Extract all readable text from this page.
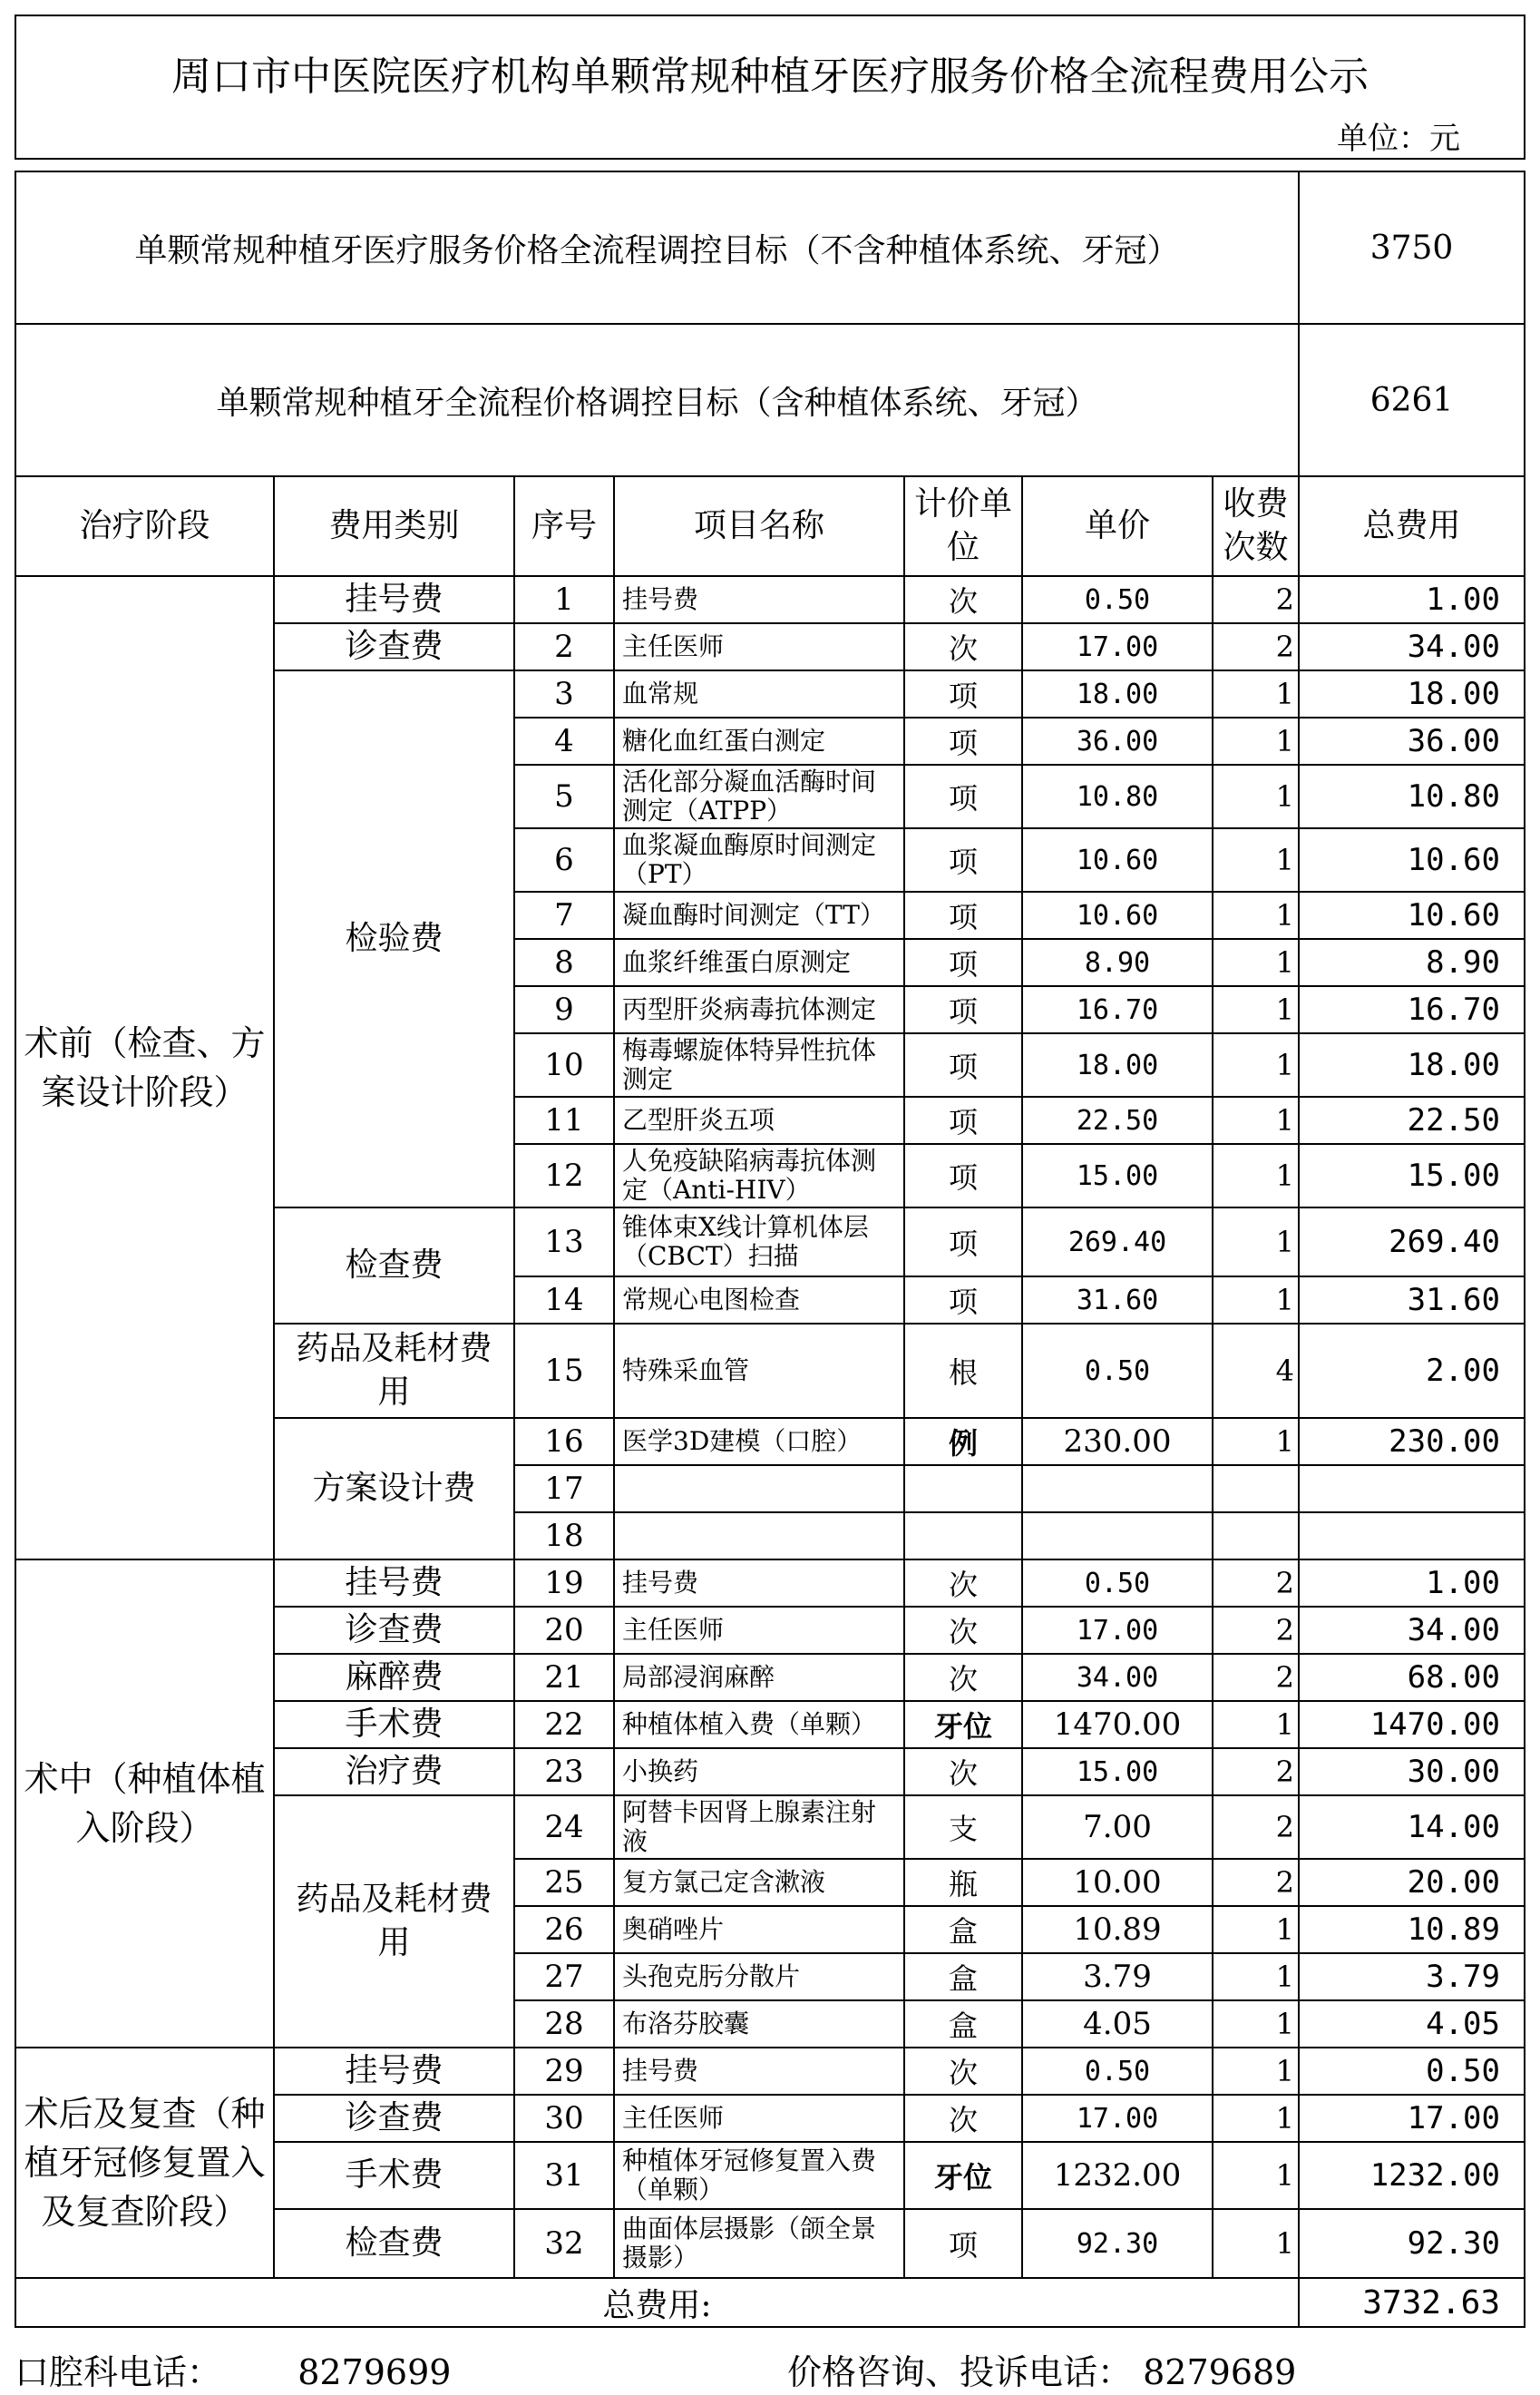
周口市中医院医疗机构单颗常规种植牙医疗服务价格全流程费用公示							
单位：元							

单颗常规种植牙医疗服务价格全流程调控目标（不含种植体系统、牙冠）							3750
单颗常规种植牙全流程价格调控目标（含种植体系统、牙冠）							6261
治疗阶段	费用类别	序号	项目名称	计价单位	单价	收费次数	总费用
术前（检查、方案设计阶段）	挂号费	1	挂号费	次	0.50	2	1.00
	诊查费	2	主任医师	次	17.00	2	34.00
	检验费	3	血常规	项	18.00	1	18.00
		4	糖化血红蛋白测定	项	36.00	1	36.00
		5	活化部分凝血活酶时间测定（ATPP）	项	10.80	1	10.80
		6	血浆凝血酶原时间测定（PT）	项	10.60	1	10.60
		7	凝血酶时间测定（TT）	项	10.60	1	10.60
		8	血浆纤维蛋白原测定	项	8.90	1	8.90
		9	丙型肝炎病毒抗体测定	项	16.70	1	16.70
		10	梅毒螺旋体特异性抗体测定	项	18.00	1	18.00
		11	乙型肝炎五项	项	22.50	1	22.50
		12	人免疫缺陷病毒抗体测定（Anti-HIV）	项	15.00	1	15.00
	检查费	13	锥体束X线计算机体层（CBCT）扫描	项	269.40	1	269.40
		14	常规心电图检查	项	31.60	1	31.60
	药品及耗材费用	15	特殊采血管	根	0.50	4	2.00
	方案设计费	16	医学3D建模（口腔）	例	230.00	1	230.00
		17					
		18					
术中（种植体植入阶段）	挂号费	19	挂号费	次	0.50	2	1.00
	诊查费	20	主任医师	次	17.00	2	34.00
	麻醉费	21	局部浸润麻醉	次	34.00	2	68.00
	手术费	22	种植体植入费（单颗）	牙位	1470.00	1	1470.00
	治疗费	23	小换药	次	15.00	2	30.00
	药品及耗材费用	24	阿替卡因肾上腺素注射液	支	7.00	2	14.00
		25	复方氯己定含漱液	瓶	10.00	2	20.00
		26	奥硝唑片	盒	10.89	1	10.89
		27	头孢克肟分散片	盒	3.79	1	3.79
		28	布洛芬胶囊	盒	4.05	1	4.05
术后及复查（种植牙冠修复置入及复查阶段）	挂号费	29	挂号费	次	0.50	1	0.50
	诊查费	30	主任医师	次	17.00	1	17.00
	手术费	31	种植体牙冠修复置入费（单颗）	牙位	1232.00	1	1232.00
	检查费	32	曲面体层摄影（颌全景摄影）	项	92.30	1	92.30
总费用:							3732.63
口腔科电话： 8279699	价格咨询、投诉电话： 8279689
